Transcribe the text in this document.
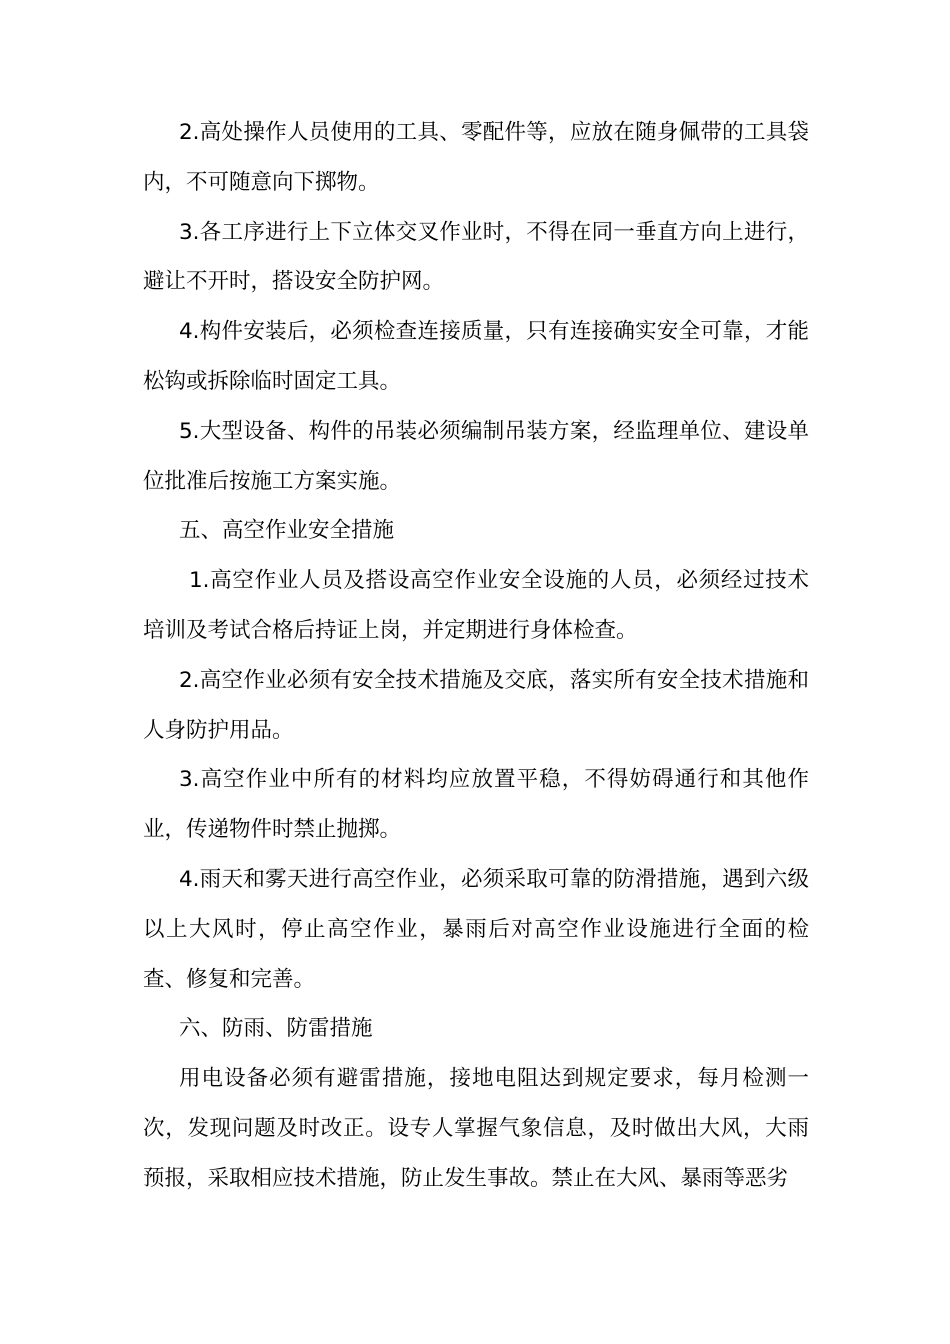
2.高处操作人员使用的工具、零配件等，应放在随身佩带的工具袋内，不可随意向下掷物。

3.各工序进行上下立体交叉作业时，不得在同一垂直方向上进行，避让不开时，搭设安全防护网。

4.构件安装后，必须检查连接质量，只有连接确实安全可靠，才能松钩或拆除临时固定工具。

5.大型设备、构件的吊装必须编制吊装方案，经监理单位、建设单位批准后按施工方案实施。

五、高空作业安全措施

1.高空作业人员及搭设高空作业安全设施的人员，必须经过技术培训及考试合格后持证上岗，并定期进行身体检查。

2.高空作业必须有安全技术措施及交底，落实所有安全技术措施和人身防护用品。

3.高空作业中所有的材料均应放置平稳，不得妨碍通行和其他作业，传递物件时禁止抛掷。

4.雨天和雾天进行高空作业，必须采取可靠的防滑措施，遇到六级以上大风时，停止高空作业，暴雨后对高空作业设施进行全面的检查、修复和完善。

六、防雨、防雷措施

用电设备必须有避雷措施，接地电阻达到规定要求，每月检测一次，发现问题及时改正。设专人掌握气象信息，及时做出大风，大雨预报，采取相应技术措施，防止发生事故。禁止在大风、暴雨等恶劣
